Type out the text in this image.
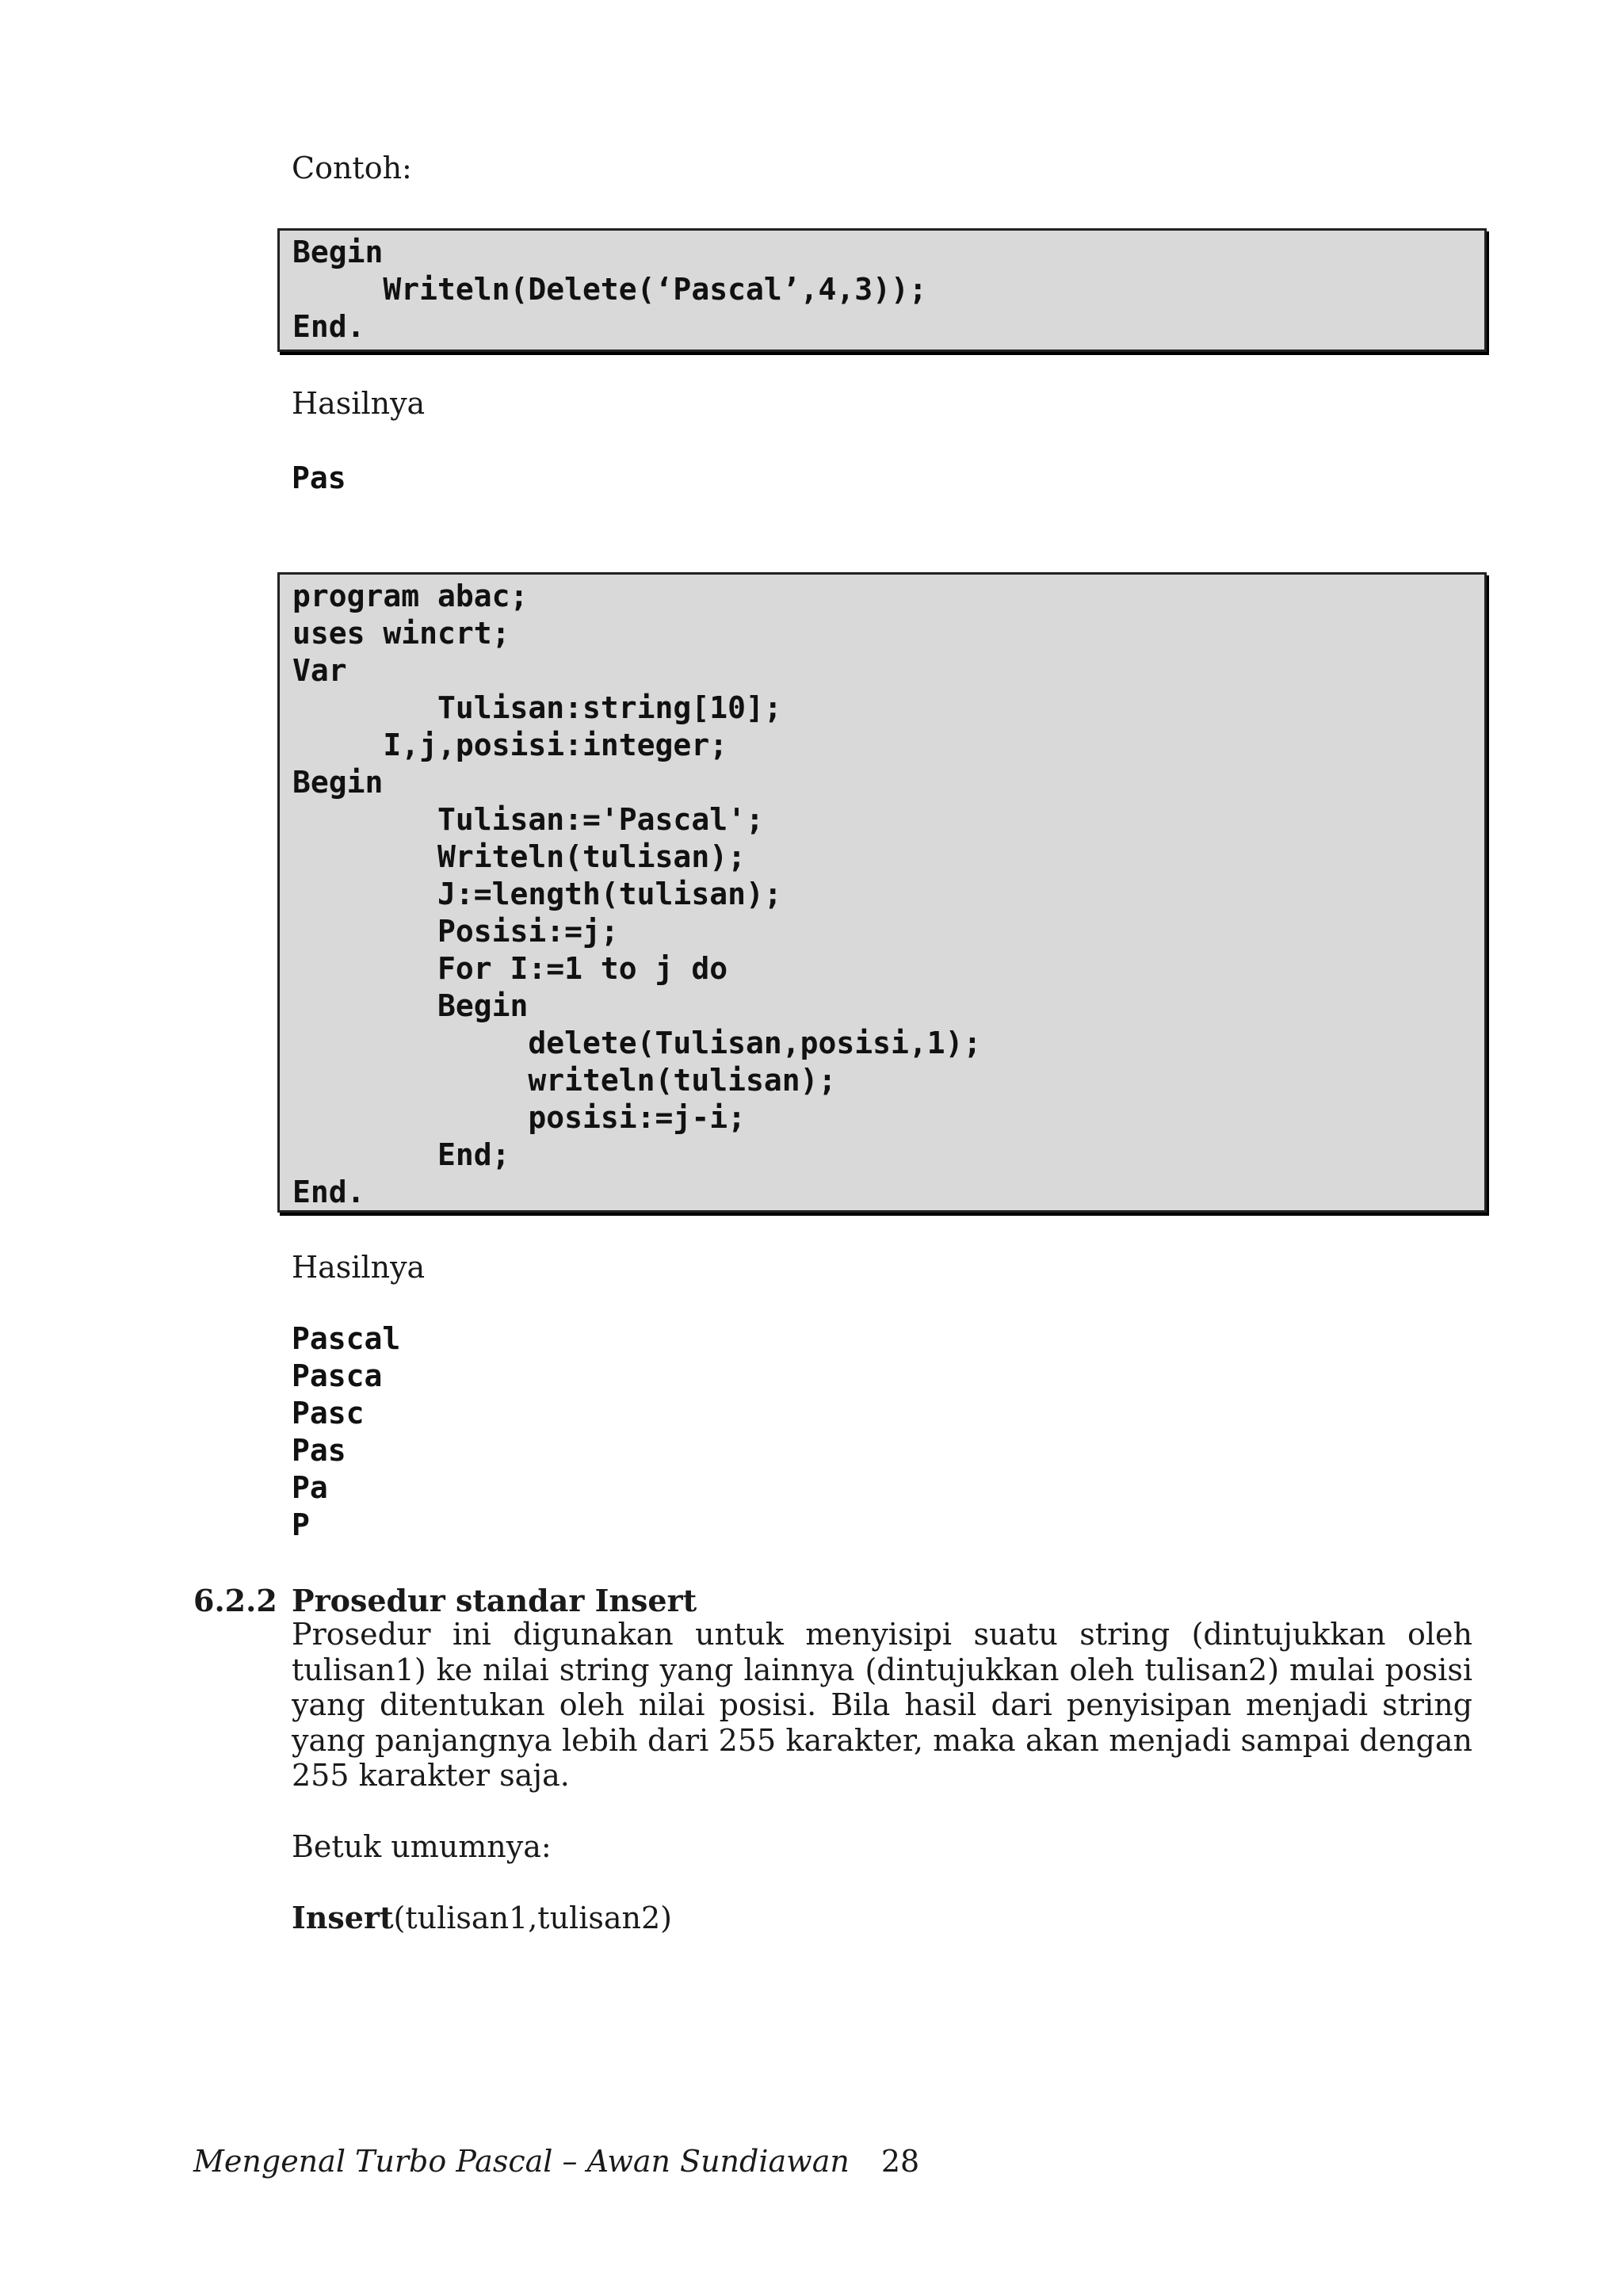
Contoh:

Begin
Writeln(Delete(‘Pascal’,4,3));
End.

Hasilnya

Pas

program abac;
uses wincrt;
Var
Tulisan:string[10];
I,j,posisi:integer;
Begin
Tulisan:='Pascal';
Writeln(tulisan);
J:=length(tulisan);
Posisi:=j;
For I:=1 to j do
Begin
delete(Tulisan,posisi,1);
writeln(tulisan);
posisi:=j-i;
End;
End.

Hasilnya

Pascal
Pasca
Pasc
Pas
Pa
P

6.2.2 Prosedur standar Insert

Prosedur ini digunakan untuk menyisipi suatu string (dintujukkan oleh tulisan1) ke nilai string yang lainnya (dintujukkan oleh tulisan2) mulai posisi yang ditentukan oleh nilai posisi. Bila hasil dari penyisipan menjadi string yang panjangnya lebih dari 255 karakter, maka akan menjadi sampai dengan 255 karakter saja.

Betuk umumnya:

Insert(tulisan1,tulisan2)

Mengenal Turbo Pascal – Awan Sundiawan 28
